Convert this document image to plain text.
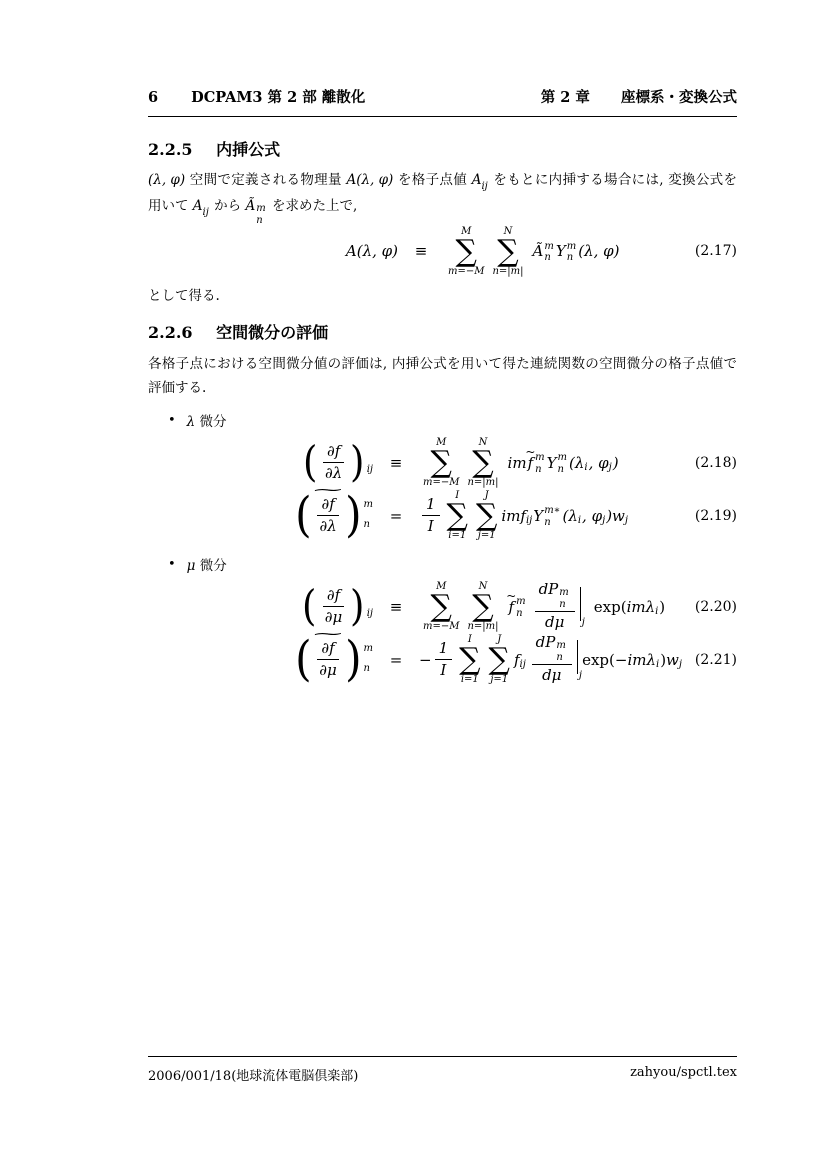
6 DCPAM3 第 2 部 離散化	第 2 章 座標系・変換公式
2.2.5 内挿公式

(λ, φ) 空間で定義される物理量 A(λ, φ) を格子点値 Aij をもとに内挿する場合には, 変換公式を用いて Aij から Ã m
n
を求めた上で,

A(λ, φ)	≡	
M
∑
m=−M
N
∑
n=|m|
Ã m
n Y m
n (λ, φ)	(2.17)

として得る.

2.2.6 空間微分の評価

各格子点における空間微分値の評価は, 内挿公式を用いて得た連続関数の空間微分の格子点値で評価する.

• λ 微分
( ∂f
∂λ ) ij	≡	
M
∑
m=−M
N
∑
n=|m|
im
~
f m
n Y m
n (λ i , φ j )	(2.18)

( ~
∂f
∂λ ) m
n
	=	
1
I
I
∑
i=1
J
∑
j=1
imf ij Y m∗
n (λ i , φ j )w j	(2.19)
• μ 微分
( ∂f
∂μ ) ij	≡	
M
∑
m=−M
N
∑
n=|m|
~
f m
n
dP m
n
dμ	j
exp( imλ i )	(2.20)

( ~
∂f
∂μ ) m
n
	=	− $\frac{1}{I}$
I
∑
i=1
J
∑
j=1
f ij
dP m
n
dμ	j
exp( −imλ i ) w j	(2.21)
2006/001/18(地球流体電脳倶楽部)	zahyou/spctl.tex
